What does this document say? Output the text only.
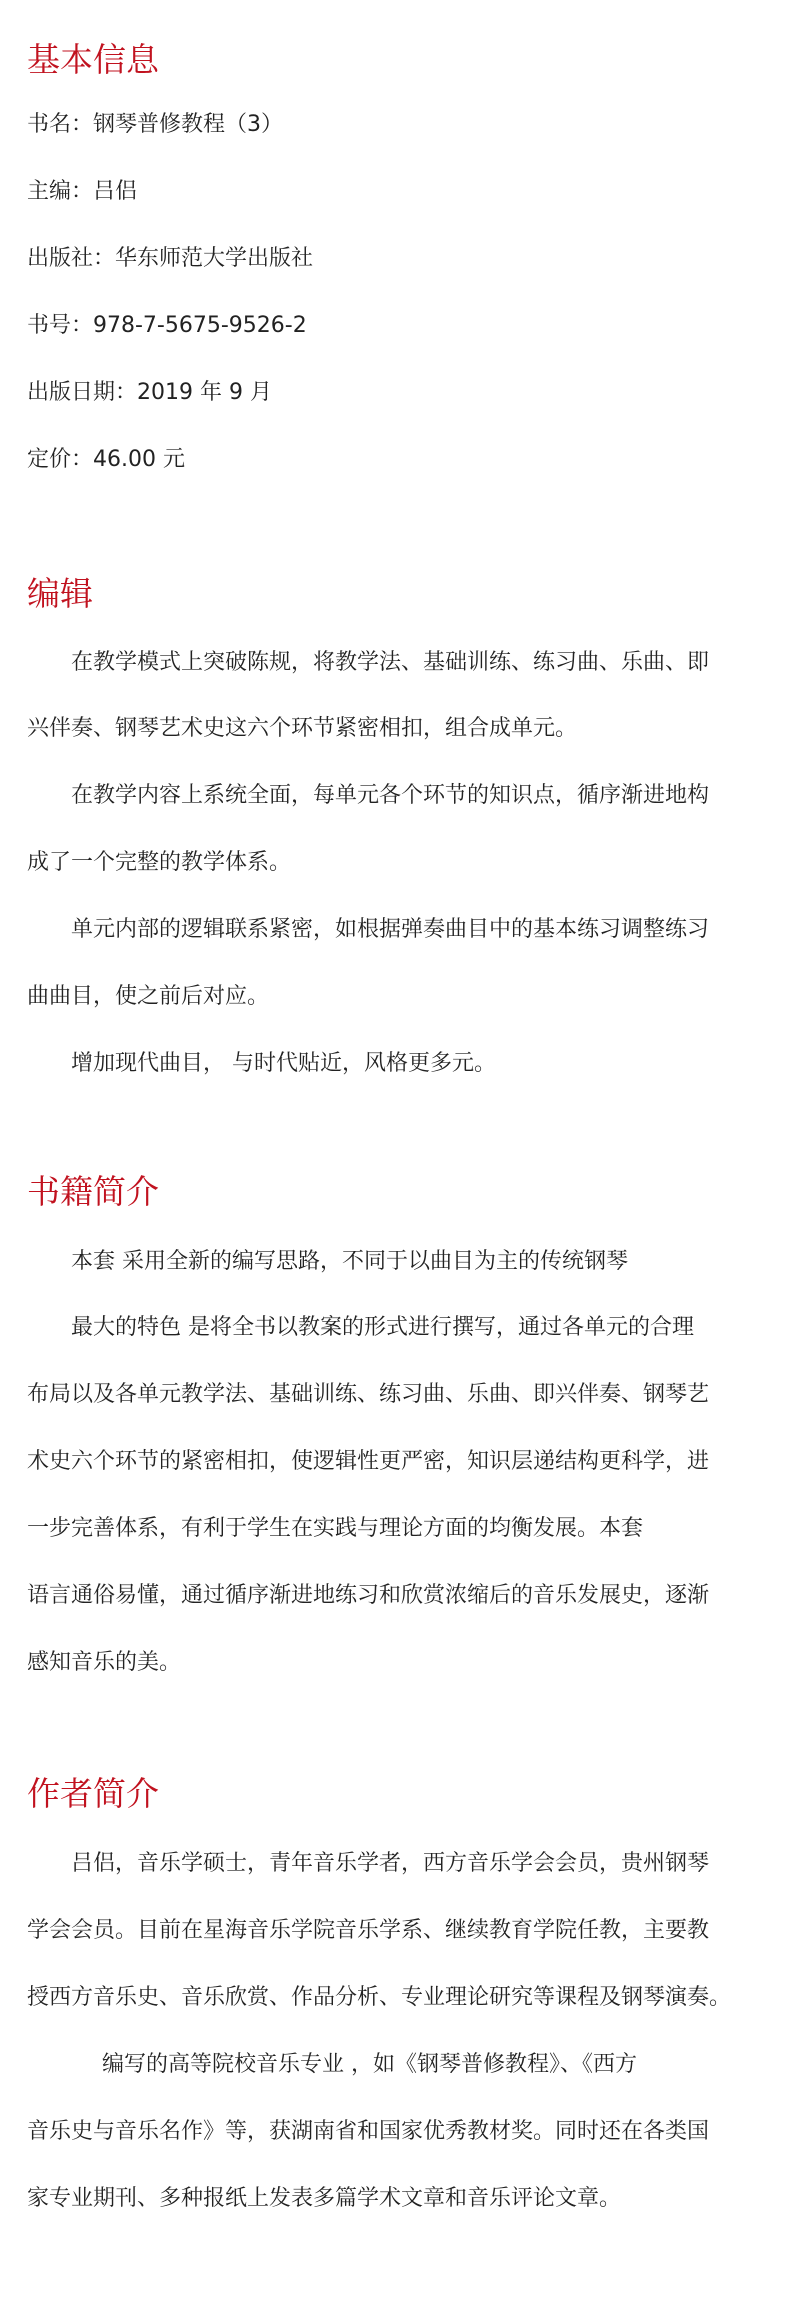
基本信息

书名：钢琴普修教程（3）

主编：吕侣

出版社：华东师范大学出版社

书号：978-7-5675-9526-2

出版日期：2019 年 9 月

定价：46.00 元

编辑

在教学模式上突破陈规，将教学法、基础训练、练习曲、乐曲、即

兴伴奏、钢琴艺术史这六个环节紧密相扣，组合成单元。

在教学内容上系统全面，每单元各个环节的知识点，循序渐进地构

成了一个完整的教学体系。

单元内部的逻辑联系紧密，如根据弹奏曲目中的基本练习调整练习

曲曲目，使之前后对应。

增加现代曲目， 与时代贴近，风格更多元。

书籍简介

本套 采用全新的编写思路，不同于以曲目为主的传统钢琴

最大的特色 是将全书以教案的形式进行撰写，通过各单元的合理

布局以及各单元教学法、基础训练、练习曲、乐曲、即兴伴奏、钢琴艺

术史六个环节的紧密相扣，使逻辑性更严密，知识层递结构更科学，进

一步完善体系，有利于学生在实践与理论方面的均衡发展。本套

语言通俗易懂，通过循序渐进地练习和欣赏浓缩后的音乐发展史，逐渐

感知音乐的美。

作者简介

吕侣，音乐学硕士，青年音乐学者，西方音乐学会会员，贵州钢琴

学会会员。目前在星海音乐学院音乐学系、继续教育学院任教，主要教

授西方音乐史、音乐欣赏、作品分析、专业理论研究等课程及钢琴演奏。

编写的高等院校音乐专业 ，如《钢琴普修教程》、《西方

音乐史与音乐名作》等，获湖南省和国家优秀教材奖。同时还在各类国

家专业期刊、多种报纸上发表多篇学术文章和音乐评论文章。
